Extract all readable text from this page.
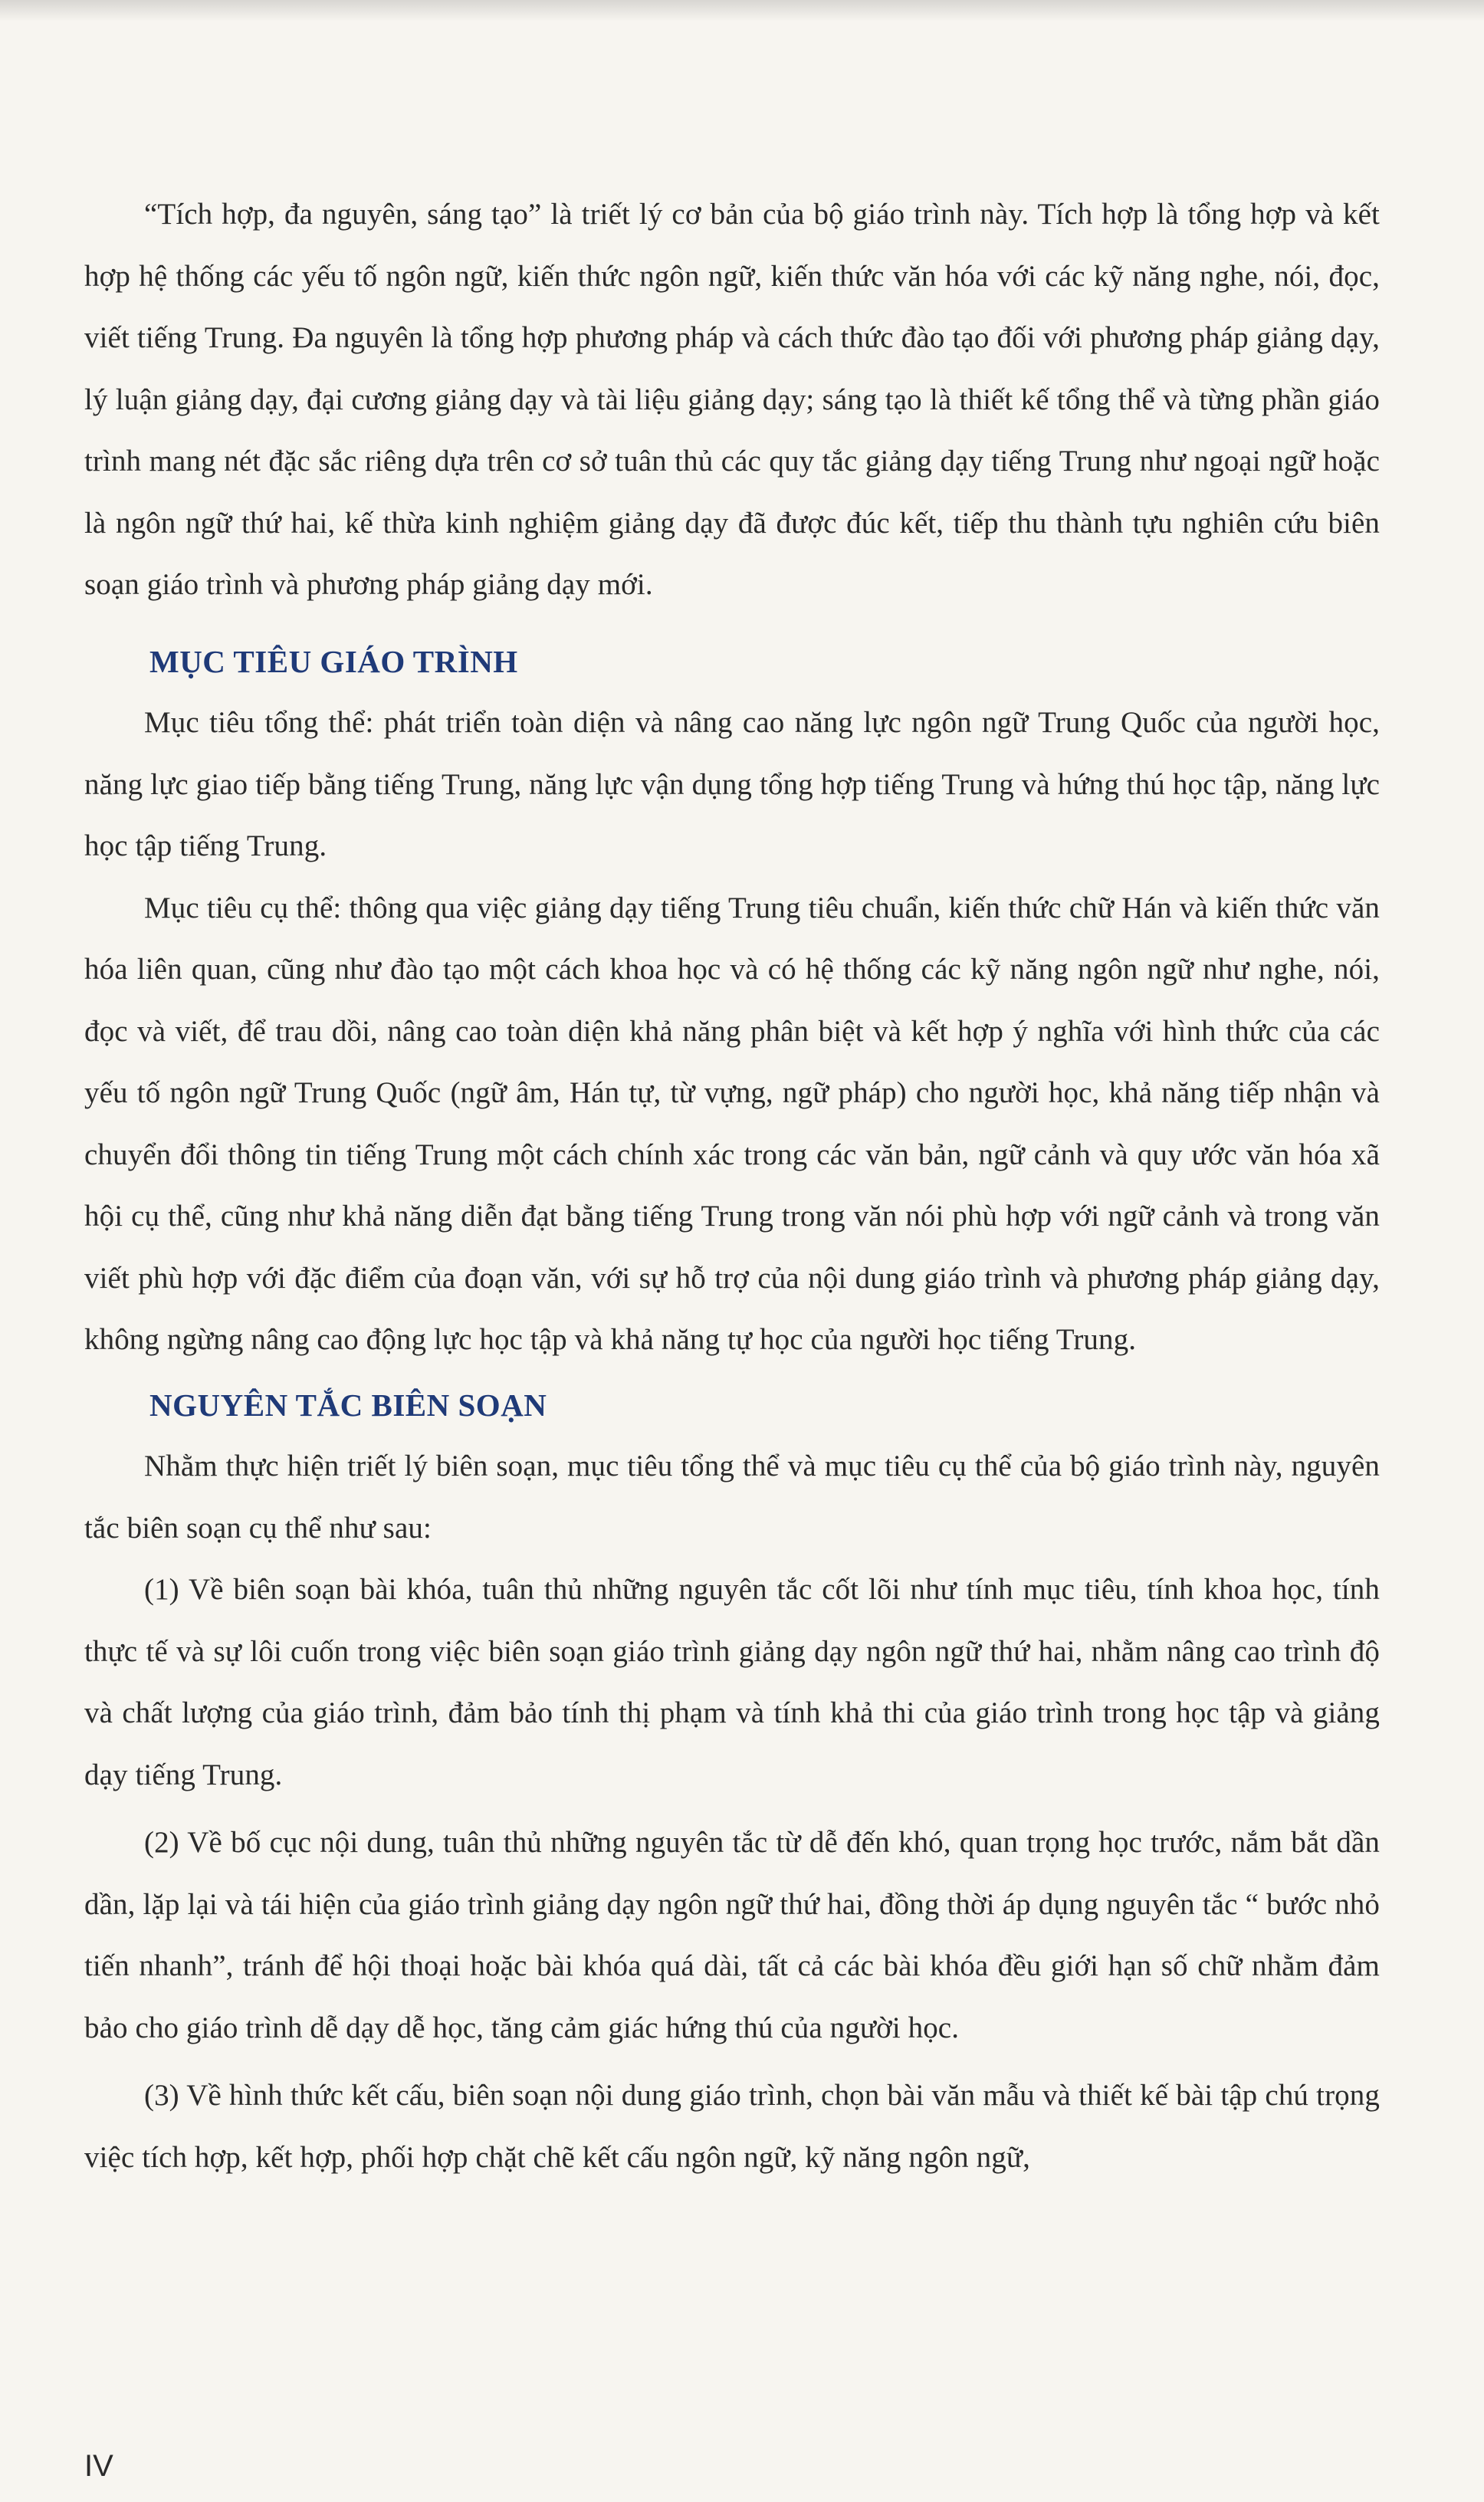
“Tích hợp, đa nguyên, sáng tạo” là triết lý cơ bản của bộ giáo trình này. Tích hợp là tổng hợp và kết hợp hệ thống các yếu tố ngôn ngữ, kiến thức ngôn ngữ, kiến thức văn hóa với các kỹ năng nghe, nói, đọc, viết tiếng Trung. Đa nguyên là tổng hợp phương pháp và cách thức đào tạo đối với phương pháp giảng dạy, lý luận giảng dạy, đại cương giảng dạy và tài liệu giảng dạy; sáng tạo là thiết kế tổng thể và từng phần giáo trình mang nét đặc sắc riêng dựa trên cơ sở tuân thủ các quy tắc giảng dạy tiếng Trung như ngoại ngữ hoặc là ngôn ngữ thứ hai, kế thừa kinh nghiệm giảng dạy đã được đúc kết, tiếp thu thành tựu nghiên cứu biên soạn giáo trình và phương pháp giảng dạy mới.

MỤC TIÊU GIÁO TRÌNH

Mục tiêu tổng thể: phát triển toàn diện và nâng cao năng lực ngôn ngữ Trung Quốc của người học, năng lực giao tiếp bằng tiếng Trung, năng lực vận dụng tổng hợp tiếng Trung và hứng thú học tập, năng lực học tập tiếng Trung.

Mục tiêu cụ thể: thông qua việc giảng dạy tiếng Trung tiêu chuẩn, kiến thức chữ Hán và kiến thức văn hóa liên quan, cũng như đào tạo một cách khoa học và có hệ thống các kỹ năng ngôn ngữ như nghe, nói, đọc và viết, để trau dồi, nâng cao toàn diện khả năng phân biệt và kết hợp ý nghĩa với hình thức của các yếu tố ngôn ngữ Trung Quốc (ngữ âm, Hán tự, từ vựng, ngữ pháp) cho người học, khả năng tiếp nhận và chuyển đổi thông tin tiếng Trung một cách chính xác trong các văn bản, ngữ cảnh và quy ước văn hóa xã hội cụ thể, cũng như khả năng diễn đạt bằng tiếng Trung trong văn nói phù hợp với ngữ cảnh và trong văn viết phù hợp với đặc điểm của đoạn văn, với sự hỗ trợ của nội dung giáo trình và phương pháp giảng dạy, không ngừng nâng cao động lực học tập và khả năng tự học của người học tiếng Trung.

NGUYÊN TẮC BIÊN SOẠN

Nhằm thực hiện triết lý biên soạn, mục tiêu tổng thể và mục tiêu cụ thể của bộ giáo trình này, nguyên tắc biên soạn cụ thể như sau:

(1) Về biên soạn bài khóa, tuân thủ những nguyên tắc cốt lõi như tính mục tiêu, tính khoa học, tính thực tế và sự lôi cuốn trong việc biên soạn giáo trình giảng dạy ngôn ngữ thứ hai, nhằm nâng cao trình độ và chất lượng của giáo trình, đảm bảo tính thị phạm và tính khả thi của giáo trình trong học tập và giảng dạy tiếng Trung.

(2) Về bố cục nội dung, tuân thủ những nguyên tắc từ dễ đến khó, quan trọng học trước, nắm bắt dần dần, lặp lại và tái hiện của giáo trình giảng dạy ngôn ngữ thứ hai, đồng thời áp dụng nguyên tắc “ bước nhỏ tiến nhanh”, tránh để hội thoại hoặc bài khóa quá dài, tất cả các bài khóa đều giới hạn số chữ nhằm đảm bảo cho giáo trình dễ dạy dễ học, tăng cảm giác hứng thú của người học.

(3) Về hình thức kết cấu, biên soạn nội dung giáo trình, chọn bài văn mẫu và thiết kế bài tập chú trọng việc tích hợp, kết hợp, phối hợp chặt chẽ kết cấu ngôn ngữ, kỹ năng ngôn ngữ,

IV
